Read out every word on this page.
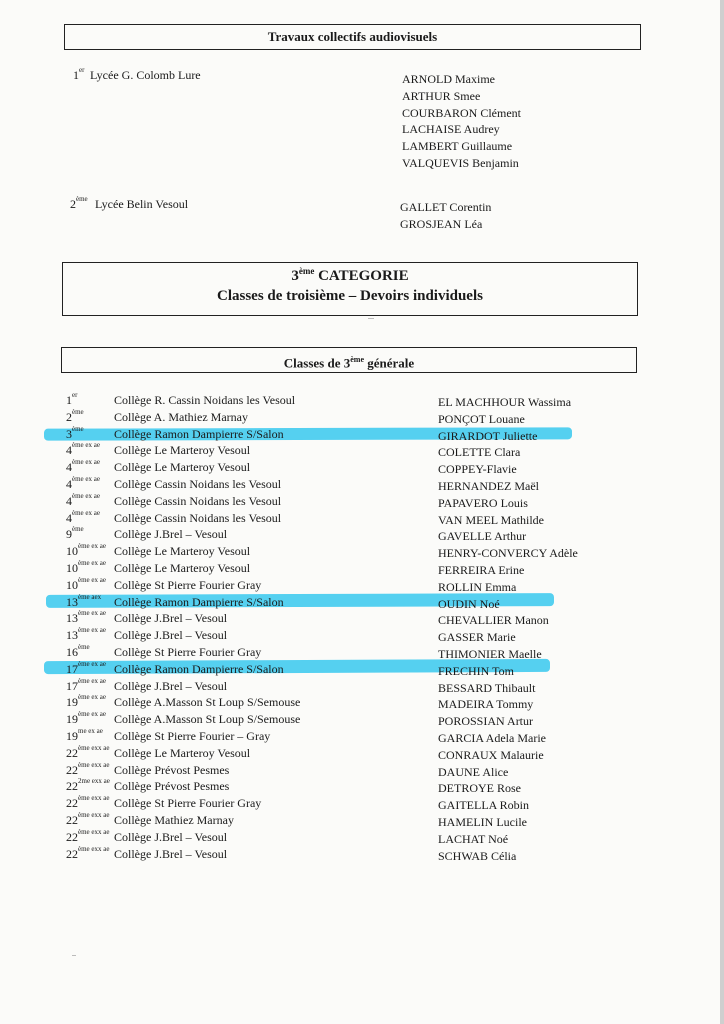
Travaux collectifs audiovisuels
1er Lycée G. Colomb Lure	ARNOLD Maxime
ARTHUR Smee
COURBARON Clément
LACHAISE Audrey
LAMBERT Guillaume
VALQUEVIS Benjamin
2ème Lycée Belin Vesoul	GALLET Corentin
GROSJEAN Léa
3ème CATEGORIE
Classes de troisième – Devoirs individuels
Classes de 3ème générale
1er	Collège R. Cassin Noidans les Vesoul	EL MACHHOUR Wassima
2ème	Collège A. Mathiez Marnay	PONÇOT Louane
3ème	Collège Ramon Dampierre S/Salon	GIRARDOT Juliette
$4^{ème ex ae}$ Collège Le Marteroy Vesoul	COLETTE Clara
$4^{ème ex ae}$ Collège Le Marteroy Vesoul	COPPEY-Flavie
$4^{ème ex ae}$ Collège Cassin Noidans les Vesoul	HERNANDEZ Maël
$4^{ème ex ae}$ Collège Cassin Noidans les Vesoul	PAPAVERO Louis
$4^{ème ex ae}$ Collège Cassin Noidans les Vesoul	VAN MEEL Mathilde
9ème	Collège J.Brel – Vesoul	GAVELLE Arthur
$10^{ème ex ae}$ Collège Le Marteroy Vesoul	HENRY-CONVERCY Adèle
$10^{ème ex ae}$ Collège Le Marteroy Vesoul	FERREIRA Erine
$10^{ème ex ae}$ Collège St Pierre Fourier Gray	ROLLIN Emma
$13^{ème aex}$ Collège Ramon Dampierre S/Salon	OUDIN Noé
$13^{ème ex ae}$ Collège J.Brel – Vesoul	CHEVALLIER Manon
$13^{ème ex ae}$ Collège J.Brel – Vesoul	GASSER Marie
16ème Collège St Pierre Fourier Gray	THIMONIER Maelle
$17^{ème ex ae}$ Collège Ramon Dampierre S/Salon	FRECHIN Tom
$17^{ème ex ae}$ Collège J.Brel – Vesoul	BESSARD Thibault
$19^{ème ex ae}$ Collège A.Masson St Loup S/Semouse	MADEIRA Tommy
$19^{ème ex ae}$ Collège A.Masson St Loup S/Semouse	POROSSIAN Artur
$19^{me ex ae}$ Collège St Pierre Fourier – Gray	GARCIA Adela Marie
$22^{ème exx ae}$ Collège Le Marteroy Vesoul	CONRAUX Malaurie
$22^{ème exx ae}$ Collège Prévost Pesmes	DAUNE Alice
$22^{2me exx ae}$ Collège Prévost Pesmes	DETROYE Rose
$22^{ème exx ae}$ Collège St Pierre Fourier Gray	GAITELLA Robin
$22^{ème exx ae}$ Collège Mathiez Marnay	HAMELIN Lucile
$22^{ème exx ae}$ Collège J.Brel – Vesoul	LACHAT Noé
$22^{ème exx ae}$ Collège J.Brel – Vesoul	SCHWAB Célia
